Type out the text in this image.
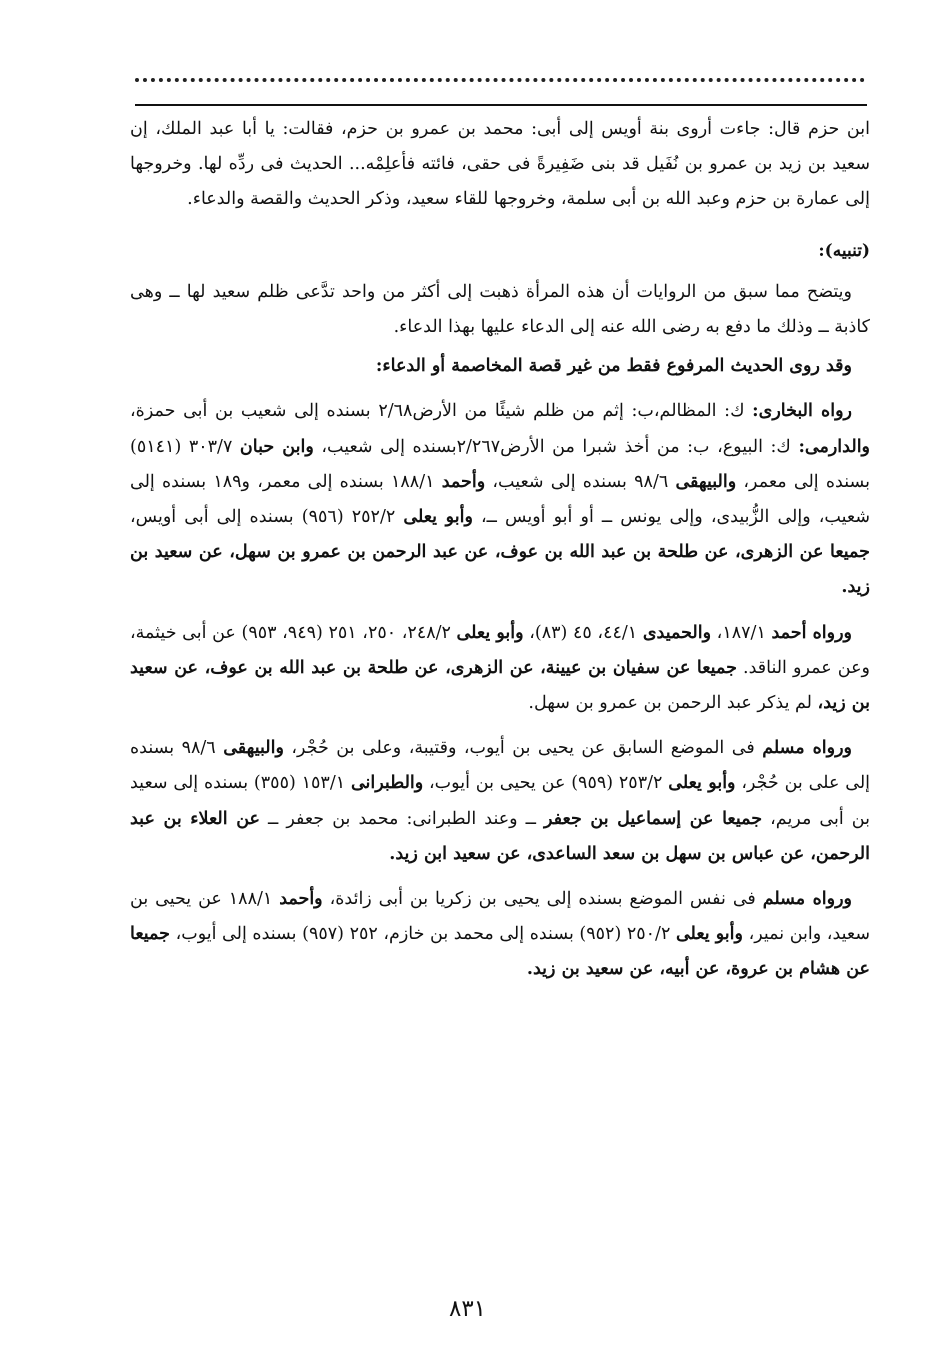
ابن حزم قال: جاءت أروى بنة أويس إلى أبى: محمد بن عمرو بن حزم، فقالت: يا أبا عبد الملك، إن سعيد بن زيد بن عمرو بن نُفَيل قد بنى ضَفِيرةً فى حقى، فائته فأعلِمْه... الحديث فى ردِّه لها. وخروجها إلى عمارة بن حزم وعبد الله بن أبى سلمة، وخروجها للقاء سعيد، وذكر الحديث والقصة والدعاء.

(تنبيه):

ويتضح مما سبق من الروايات أن هذه المرأة ذهبت إلى أكثر من واحد تدَّعى ظلم سعيد لها ــ وهى كاذبة ــ وذلك ما دفع به رضى الله عنه إلى الدعاء عليها بهذا الدعاء.

وقد روى الحديث المرفوع فقط من غير قصة المخاصمة أو الدعاء:

رواه البخارى: ك: المظالم،ب: إثم من ظلم شيئًا من الأرض٢/٦٨ بسنده إلى شعيب بن أبى حمزة، والدارمى: ك: البيوع، ب: من أخذ شبرا من الأرض٢/٢٦٧بسنده إلى شعيب، وابن حبان ٣٠٣/٧ (٥١٤١) بسنده إلى معمر، والبيهقى ٩٨/٦ بسنده إلى شعيب، وأحمد ١٨٨/١ بسنده إلى معمر، و١٨٩ بسنده إلى شعيب، وإلى الزُّبيدى، وإلى يونس ــ أو أبو أويس ــ، وأبو يعلى ٢٥٢/٢ (٩٥٦) بسنده إلى أبى أويس، جميعا عن الزهرى، عن طلحة بن عبد الله بن عوف، عن عبد الرحمن بن عمرو بن سهل، عن سعيد بن زيد.

ورواه أحمد ١٨٧/١، والحميدى ٤٤/١، ٤٥ (٨٣)، وأبو يعلى ٢٤٨/٢، ٢٥٠، ٢٥١ (٩٤٩، ٩٥٣) عن أبى خيثمة، وعن عمرو الناقد. جميعا عن سفيان بن عيينة، عن الزهرى، عن طلحة بن عبد الله بن عوف، عن سعيد بن زيد، لم يذكر عبد الرحمن بن عمرو بن سهل.

ورواه مسلم فى الموضع السابق عن يحيى بن أيوب، وقتيبة، وعلى بن حُجْر، والبيهقى ٩٨/٦ بسنده إلى على بن حُجْر، وأبو يعلى ٢٥٣/٢ (٩٥٩) عن يحيى بن أيوب، والطبرانى ١٥٣/١ (٣٥٥) بسنده إلى سعيد بن أبى مريم، جميعا عن إسماعيل بن جعفر ــ وعند الطبرانى: محمد بن جعفر ــ عن العلاء بن عبد الرحمن، عن عباس بن سهل بن سعد الساعدى، عن سعيد ابن زيد.

ورواه مسلم فى نفس الموضع بسنده إلى يحيى بن زكريا بن أبى زائدة، وأحمد ١٨٨/١ عن يحيى بن سعيد، وابن نمير، وأبو يعلى ٢٥٠/٢ (٩٥٢) بسنده إلى محمد بن خازم، ٢٥٢ (٩٥٧) بسنده إلى أيوب، جميعا عن هشام بن عروة، عن أبيه، عن سعيد بن زيد.

٨٣١
